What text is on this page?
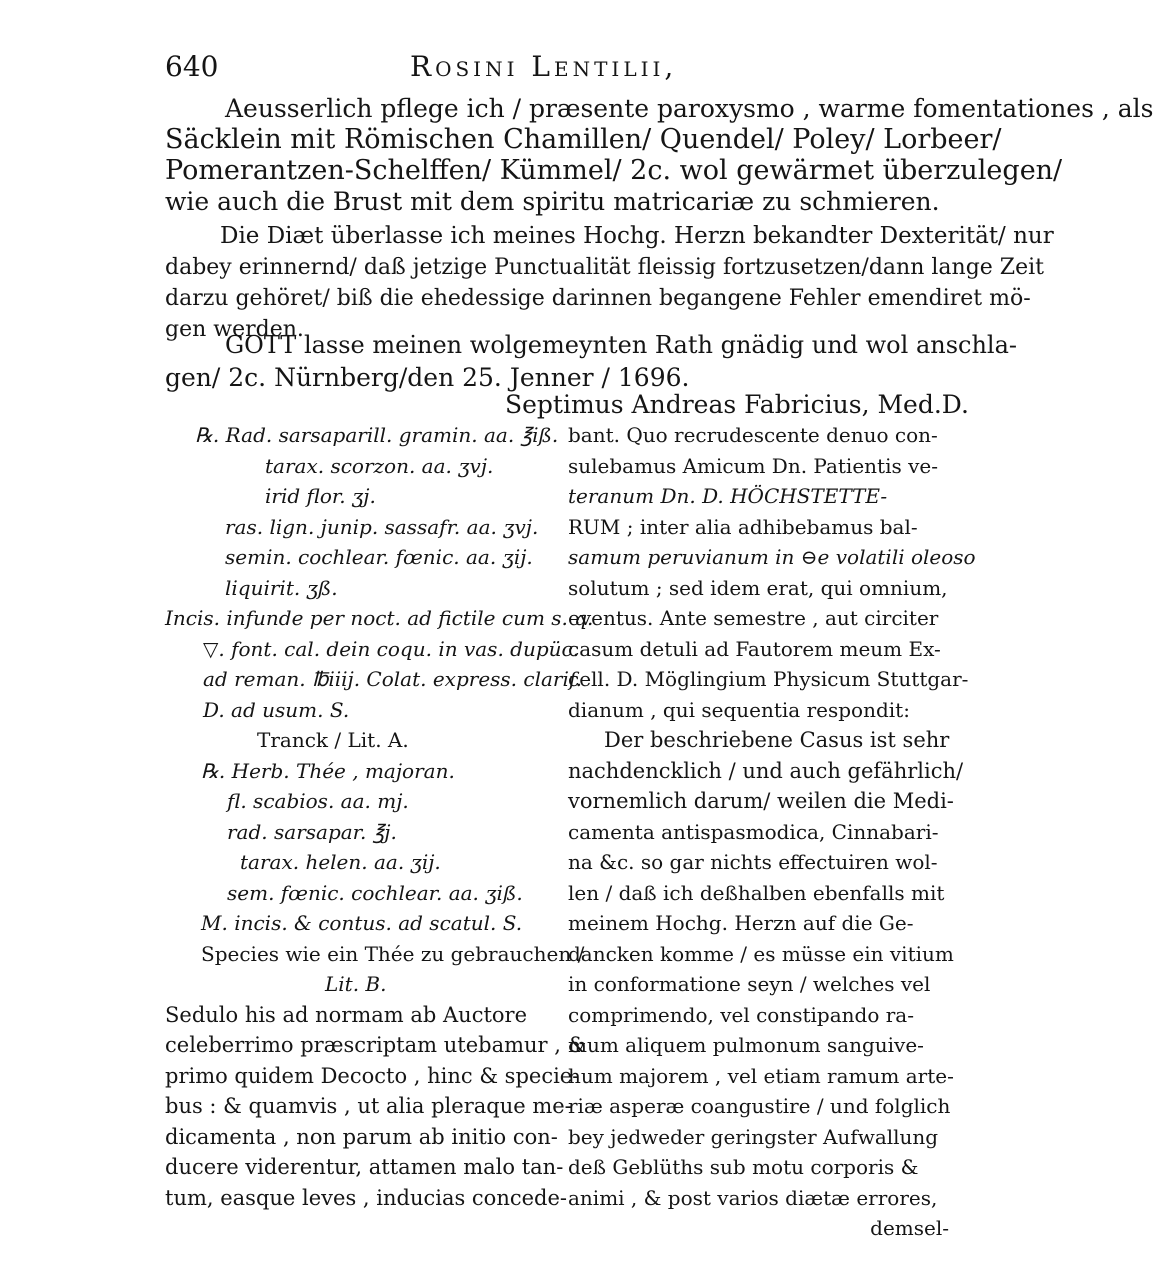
640	Rosini Lentilii,
Aeusserlich pflege ich / præsente paroxysmo , warme fomentationes , als
Säcklein mit Römischen Chamillen/ Quendel/ Poley/ Lorbeer/
Pomerantzen-Schelffen/ Kümmel/ 2c. wol gewärmet überzulegen/
wie auch die Brust mit dem spiritu matricariæ zu schmieren.
Die Diæt überlasse ich meines Hochg. Herzn bekandter Dexterität/ nur
dabey erinnernd/ daß jetzige Punctualität fleissig fortzusetzen/dann lange Zeit
darzu gehöret/ biß die ehedessige darinnen begangene Fehler emendiret mö-
gen werden.
GOTT lasse meinen wolgemeynten Rath gnädig und wol anschla-
gen/ 2c. Nürnberg/den 25. Jenner / 1696.
Septimus Andreas Fabricius, Med.D.
℞. Rad. sarsaparill. gramin. aa. ℥iß.
tarax. scorzon. aa. ʒvj.
irid flor. ʒj.
ras. lign. junip. sassafr. aa. ʒvj.
semin. cochlear. fœnic. aa. ʒij.
liquirit. ʒß.
Incis. infunde per noct. ad fictile cum s. q.
▽. font. cal. dein coqu. in vas. dupüc.
ad reman. ℔iiij. Colat. express. clarif.
D. ad usum. S.
Tranck / Lit. A.
℞. Herb. Thée , majoran.
fl. scabios. aa. mj.
rad. sarsapar. ℥j.
tarax. helen. aa. ʒij.
sem. fœnic. cochlear. aa. ʒiß.
M. incis. & contus. ad scatul. S.
Species wie ein Thée zu gebrauchen /
Lit. B.
Sedulo his ad normam ab Auctore
celeberrimo præscriptam utebamur , &
primo quidem Decocto , hinc & specie-
bus : & quamvis , ut alia pleraque me-
dicamenta , non parum ab initio con-
ducere viderentur, attamen malo tan-
tum, easque leves , inducias concede-
bant. Quo recrudescente denuo con-
sulebamus Amicum Dn. Patientis ve-
teranum Dn. D. HÖCHSTETTE-
RUM ; inter alia adhibebamus bal-
samum peruvianum in ⊖e volatili oleoso
solutum ; sed idem erat, qui omnium,
eventus. Ante semestre , aut circiter
casum detuli ad Fautorem meum Ex-
cell. D. Möglingium Physicum Stuttgar-
dianum , qui sequentia respondit:
Der beschriebene Casus ist sehr
nachdencklich / und auch gefährlich/
vornemlich darum/ weilen die Medi-
camenta antispasmodica, Cinnabari-
na &c. so gar nichts effectuiren wol-
len / daß ich deßhalben ebenfalls mit
meinem Hochg. Herzn auf die Ge-
dancken komme / es müsse ein vitium
in conformatione seyn / welches vel
comprimendo, vel constipando ra-
mum aliquem pulmonum sanguive-
hum majorem , vel etiam ramum arte-
riæ asperæ coangustire / und folglich
bey jedweder geringster Aufwallung
deß Geblüths sub motu corporis &
animi , & post varios diætæ errores,
demsel-
